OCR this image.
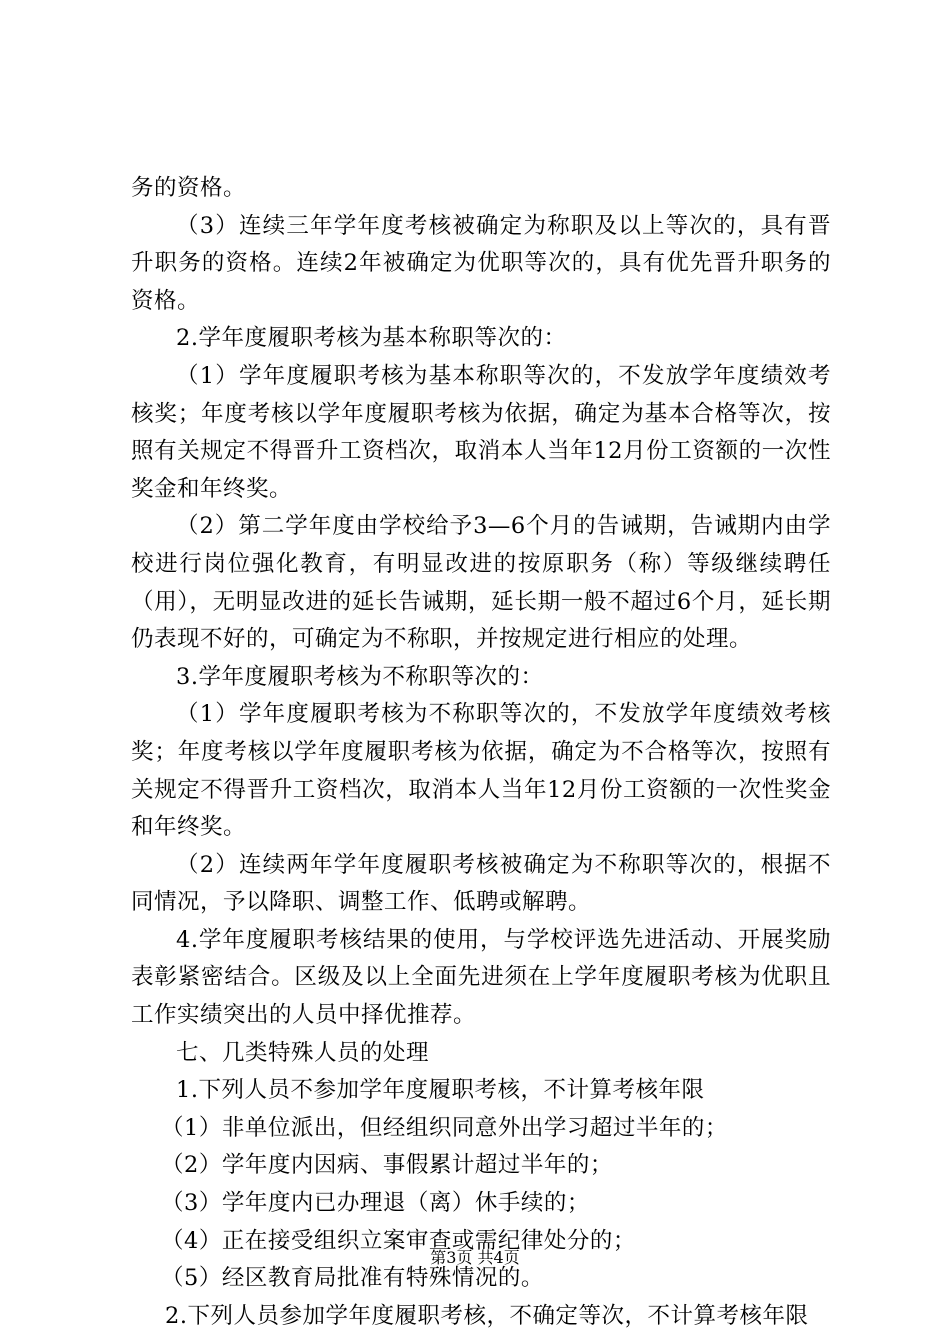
务的资格。

（3）连续三年学年度考核被确定为称职及以上等次的，具有晋升职务的资格。连续2年被确定为优职等次的，具有优先晋升职务的资格。

2.学年度履职考核为基本称职等次的：

（1）学年度履职考核为基本称职等次的，不发放学年度绩效考核奖；年度考核以学年度履职考核为依据，确定为基本合格等次，按照有关规定不得晋升工资档次，取消本人当年12月份工资额的一次性奖金和年终奖。

（2）第二学年度由学校给予3—6个月的告诫期，告诫期内由学校进行岗位强化教育，有明显改进的按原职务（称）等级继续聘任（用），无明显改进的延长告诫期，延长期一般不超过6个月，延长期仍表现不好的，可确定为不称职，并按规定进行相应的处理。

3.学年度履职考核为不称职等次的：

（1）学年度履职考核为不称职等次的，不发放学年度绩效考核奖；年度考核以学年度履职考核为依据，确定为不合格等次，按照有关规定不得晋升工资档次，取消本人当年12月份工资额的一次性奖金和年终奖。

（2）连续两年学年度履职考核被确定为不称职等次的，根据不同情况，予以降职、调整工作、低聘或解聘。

4.学年度履职考核结果的使用，与学校评选先进活动、开展奖励表彰紧密结合。区级及以上全面先进须在上学年度履职考核为优职且工作实绩突出的人员中择优推荐。

七、几类特殊人员的处理

1.下列人员不参加学年度履职考核，不计算考核年限

（1）非单位派出，但经组织同意外出学习超过半年的；

（2）学年度内因病、事假累计超过半年的；

（3）学年度内已办理退（离）休手续的；

（4）正在接受组织立案审查或需纪律处分的；

（5）经区教育局批准有特殊情况的。

2.下列人员参加学年度履职考核，不确定等次，不计算考核年限

第3页 共4页
